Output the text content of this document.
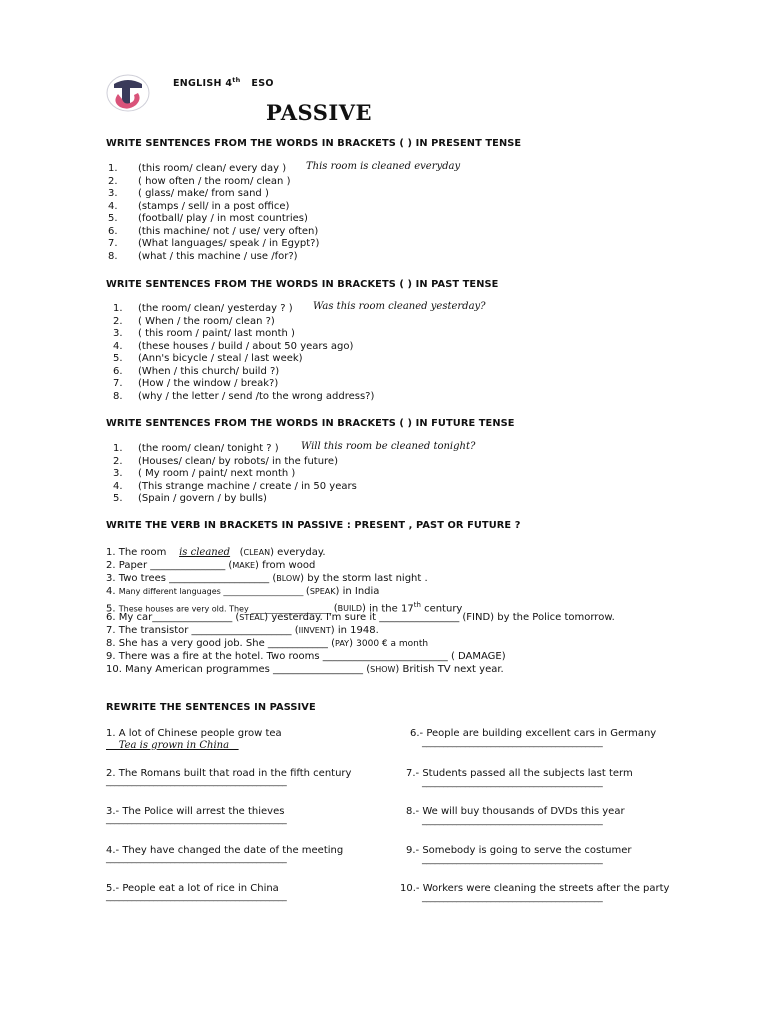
ENGLISH 4th ESO
PASSIVE
WRITE SENTENCES FROM THE WORDS IN BRACKETS ( ) IN PRESENT TENSE
1. (this room/ clean/ every day ) This room is cleaned everyday
2. ( how often / the room/ clean )
3. ( glass/ make/ from sand )
4. (stamps / sell/ in a post office)
5. (football/ play / in most countries)
6. (this machine/ not / use/ very often)
7. (What languages/ speak / in Egypt?)
8. (what / this machine / use /for?)
WRITE SENTENCES FROM THE WORDS IN BRACKETS ( ) IN PAST TENSE
1. (the room/ clean/ yesterday ? ) Was this room cleaned yesterday?
2. ( When / the room/ clean ?)
3. ( this room / paint/ last month )
4. (these houses / build / about 50 years ago)
5. (Ann's bicycle / steal / last week)
6. (When / this church/ build ?)
7. (How / the window / break?)
8. (why / the letter / send /to the wrong address?)
WRITE SENTENCES FROM THE WORDS IN BRACKETS ( ) IN FUTURE TENSE
1. (the room/ clean/ tonight ? ) Will this room be cleaned tonight?
2. (Houses/ clean/ by robots/ in the future)
3. ( My room / paint/ next month )
4. (This strange machine / create / in 50 years
5. (Spain / govern / by bulls)
WRITE THE VERB IN BRACKETS IN PASSIVE : PRESENT , PAST OR FUTURE ?
1. The room    is cleaned (CLEAN) everyday.
2. Paper _______________ (MAKE) from wood
3. Two trees ____________________ (BLOW) by the storm last night .
4. Many different languages ____________________ (SPEAK) in India
5. These houses are very old. They ____________________ (BUILD) in the 17th century
6. My car________________ (STEAL) yesterday. I'm sure it ________________ (FIND) by the Police tomorrow.
7. The transistor ____________________ (IINVENT) in 1948.
8. She has a very good job. She ____________ (PAY) 3000 € a month
9. There was a fire at the hotel. Two rooms _________________________ ( DAMAGE)
10. Many American programmes __________________ (SHOW) British TV next year.
REWRITE THE SENTENCES IN PASSIVE
1. A lot of Chinese people grow tea
Tea is grown in China
2. The Romans built that road in the fifth century
__________________________________________
3.- The Police will arrest the thieves
__________________________________________
4.- They have changed the date of the meeting
__________________________________________
5.- People eat a lot of rice in China
__________________________________________
6.- People are building excellent cars in Germany
__________________________________________
7.- Students passed all the subjects last term
__________________________________________
8.- We will buy thousands of DVDs this year
__________________________________________
9.- Somebody is going to serve the costumer
__________________________________________
10.- Workers were cleaning the streets after the party
__________________________________________
